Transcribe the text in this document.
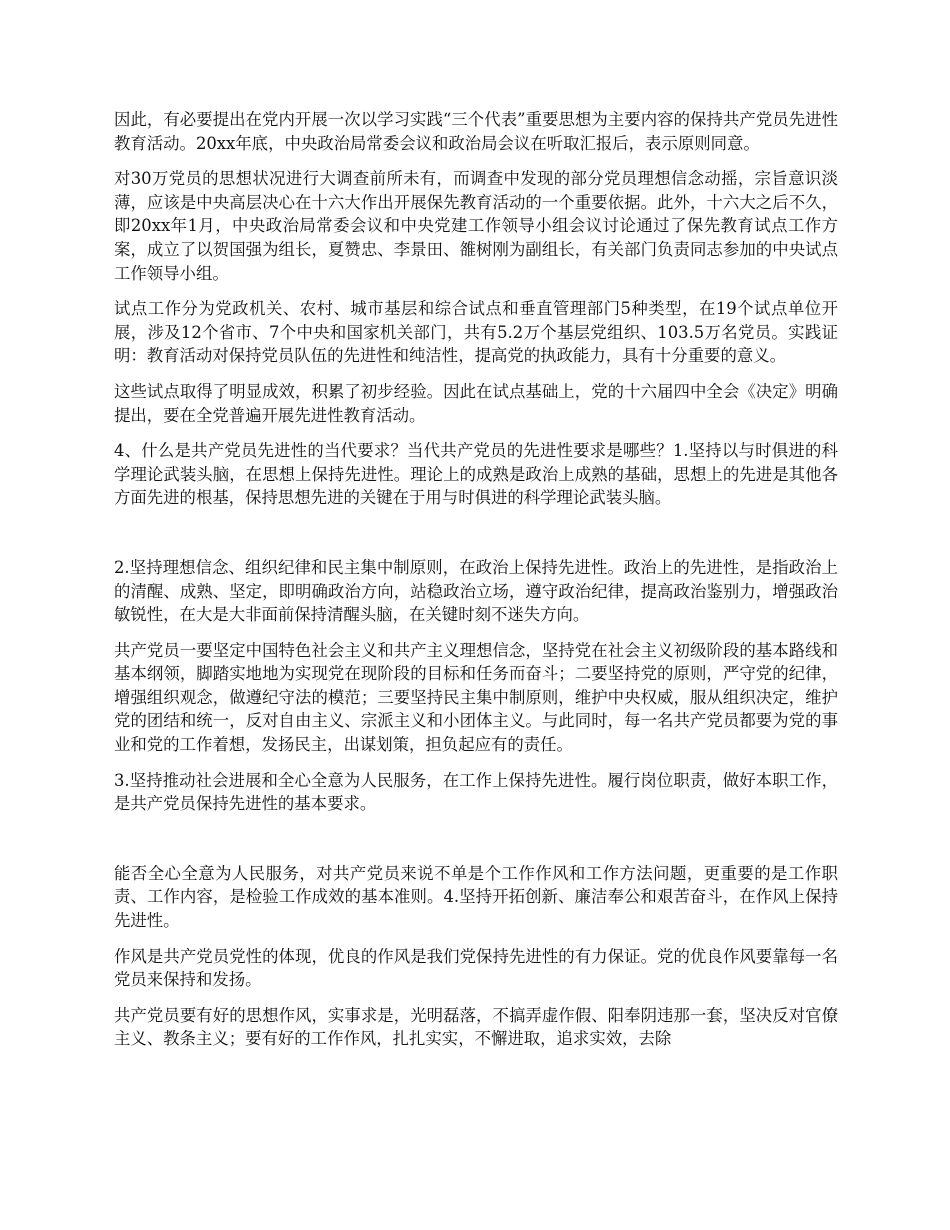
因此，有必要提出在党内开展一次以学习实践“三个代表”重要思想为主要内容的保持共产党员先进性教育活动。20xx年底，中央政治局常委会议和政治局会议在听取汇报后，表示原则同意。

对30万党员的思想状况进行大调查前所未有，而调查中发现的部分党员理想信念动摇，宗旨意识淡薄，应该是中央高层决心在十六大作出开展保先教育活动的一个重要依据。此外，十六大之后不久，即20xx年1月，中央政治局常委会议和中央党建工作领导小组会议讨论通过了保先教育试点工作方案，成立了以贺国强为组长，夏赞忠、李景田、雒树刚为副组长，有关部门负责同志参加的中央试点工作领导小组。

试点工作分为党政机关、农村、城市基层和综合试点和垂直管理部门5种类型，在19个试点单位开展，涉及12个省市、7个中央和国家机关部门，共有5.2万个基层党组织、103.5万名党员。实践证明：教育活动对保持党员队伍的先进性和纯洁性，提高党的执政能力，具有十分重要的意义。

这些试点取得了明显成效，积累了初步经验。因此在试点基础上，党的十六届四中全会《决定》明确提出，要在全党普遍开展先进性教育活动。

4、什么是共产党员先进性的当代要求？当代共产党员的先进性要求是哪些？1.坚持以与时俱进的科学理论武装头脑，在思想上保持先进性。理论上的成熟是政治上成熟的基础，思想上的先进是其他各方面先进的根基，保持思想先进的关键在于用与时俱进的科学理论武装头脑。

2.坚持理想信念、组织纪律和民主集中制原则，在政治上保持先进性。政治上的先进性，是指政治上的清醒、成熟、坚定，即明确政治方向，站稳政治立场，遵守政治纪律，提高政治鉴别力，增强政治敏锐性，在大是大非面前保持清醒头脑，在关键时刻不迷失方向。

共产党员一要坚定中国特色社会主义和共产主义理想信念，坚持党在社会主义初级阶段的基本路线和基本纲领，脚踏实地地为实现党在现阶段的目标和任务而奋斗；二要坚持党的原则，严守党的纪律，增强组织观念，做遵纪守法的模范；三要坚持民主集中制原则，维护中央权威，服从组织决定，维护党的团结和统一，反对自由主义、宗派主义和小团体主义。与此同时，每一名共产党员都要为党的事业和党的工作着想，发扬民主，出谋划策，担负起应有的责任。

3.坚持推动社会进展和全心全意为人民服务，在工作上保持先进性。履行岗位职责，做好本职工作，是共产党员保持先进性的基本要求。

能否全心全意为人民服务，对共产党员来说不单是个工作作风和工作方法问题，更重要的是工作职责、工作内容，是检验工作成效的基本准则。4.坚持开拓创新、廉洁奉公和艰苦奋斗，在作风上保持先进性。

作风是共产党员党性的体现，优良的作风是我们党保持先进性的有力保证。党的优良作风要靠每一名党员来保持和发扬。

共产党员要有好的思想作风，实事求是，光明磊落，不搞弄虚作假、阳奉阴违那一套，坚决反对官僚主义、教条主义；要有好的工作作风，扎扎实实，不懈进取，追求实效，去除
